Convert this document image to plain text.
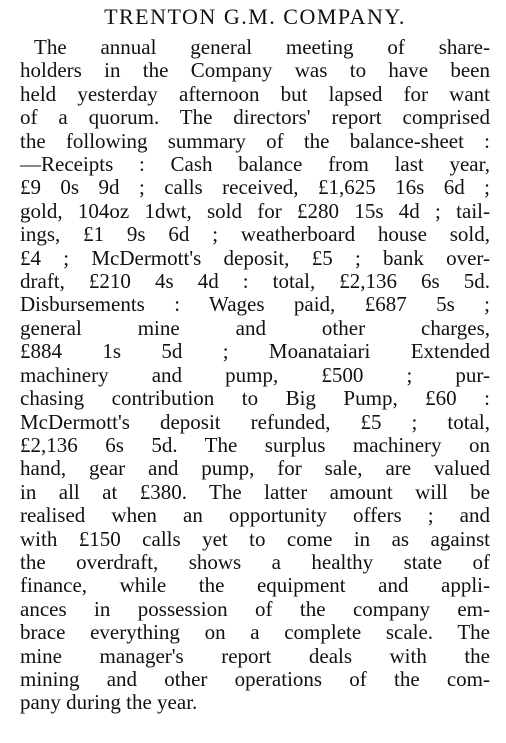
TRENTON G.M. COMPANY.

The annual general meeting of share-
holders in the Company was to have been
held yesterday afternoon but lapsed for want
of a quorum. The directors' report comprised
the following summary of the balance-sheet :
—Receipts : Cash balance from last year,
£9 0s 9d ; calls received, £1,625 16s 6d ;
gold, 104oz 1dwt, sold for £280 15s 4d ; tail-
ings, £1 9s 6d ; weatherboard house sold,
£4 ; McDermott's deposit, £5 ; bank over-
draft, £210 4s 4d : total, £2,136 6s 5d.
Disbursements : Wages paid, £687 5s ;
general mine and other charges,
£884 1s 5d ; Moanataiari Extended
machinery and pump, £500 ; pur-
chasing contribution to Big Pump, £60 :
McDermott's deposit refunded, £5 ; total,
£2,136 6s 5d. The surplus machinery on
hand, gear and pump, for sale, are valued
in all at £380. The latter amount will be
realised when an opportunity offers ; and
with £150 calls yet to come in as against
the overdraft, shows a healthy state of
finance, while the equipment and appli-
ances in possession of the company em-
brace everything on a complete scale. The
mine manager's report deals with the
mining and other operations of the com-
pany during the year.
